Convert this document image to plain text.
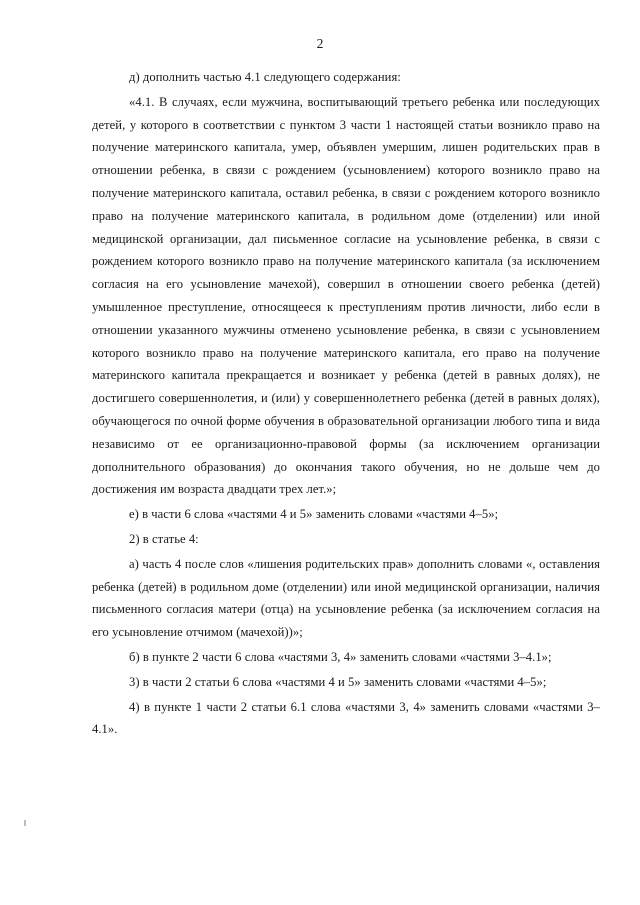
2

д) дополнить частью 4.1 следующего содержания:

«4.1. В случаях, если мужчина, воспитывающий третьего ребенка или последующих детей, у которого в соответствии с пунктом 3 части 1 настоящей статьи возникло право на получение материнского капитала, умер, объявлен умершим, лишен родительских прав в отношении ребенка, в связи с рождением (усыновлением) которого возникло право на получение материнского капитала, оставил ребенка, в связи с рождением которого возникло право на получение материнского капитала, в родильном доме (отделении) или иной медицинской организации, дал письменное согласие на усыновление ребенка, в связи с рождением которого возникло право на получение материнского капитала (за исключением согласия на его усыновление мачехой), совершил в отношении своего ребенка (детей) умышленное преступление, относящееся к преступлениям против личности, либо если в отношении указанного мужчины отменено усыновление ребенка, в связи с усыновлением которого возникло право на получение материнского капитала, его право на получение материнского капитала прекращается и возникает у ребенка (детей в равных долях), не достигшего совершеннолетия, и (или) у совершеннолетнего ребенка (детей в равных долях), обучающегося по очной форме обучения в образовательной организации любого типа и вида независимо от ее организационно-правовой формы (за исключением организации дополнительного образования) до окончания такого обучения, но не дольше чем до достижения им возраста двадцати трех лет.»;

е) в части 6 слова «частями 4 и 5» заменить словами «частями 4–5»;

2) в статье 4:

а) часть 4 после слов «лишения родительских прав» дополнить словами «, оставления ребенка (детей) в родильном доме (отделении) или иной медицинской организации, наличия письменного согласия матери (отца) на усыновление ребенка (за исключением согласия на его усыновление отчимом (мачехой))»;

б) в пункте 2 части 6 слова «частями 3, 4» заменить словами «частями 3–4.1»;

3) в части 2 статьи 6 слова «частями 4 и 5» заменить словами «частями 4–5»;

4) в пункте 1 части 2 статьи 6.1 слова «частями 3, 4» заменить словами «частями 3–4.1».
